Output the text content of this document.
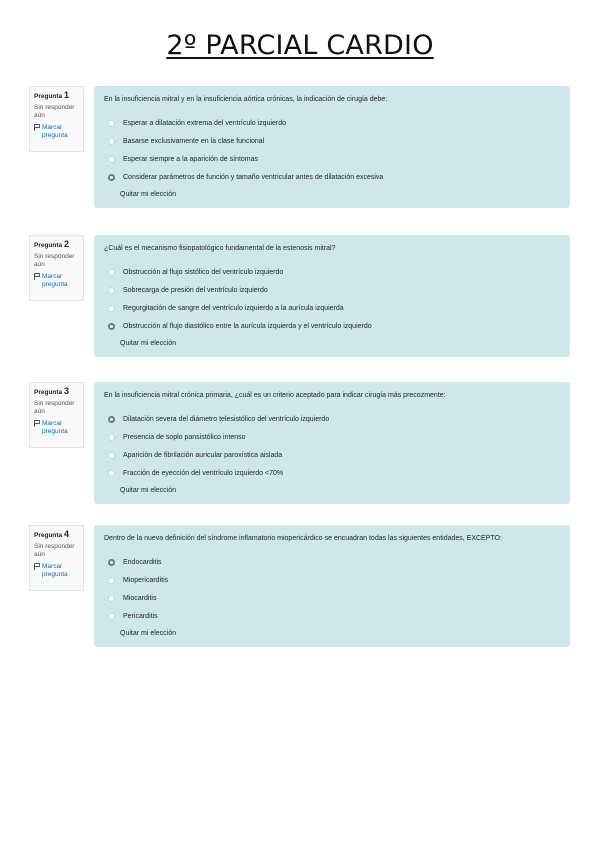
2º PARCIAL CARDIO
Pregunta 1
Sin responder aún
Marcar pregunta
En la insuficiencia mitral y en la insuficiencia aórtica crónicas, la indicación de cirugía debe:
Esperar a dilatación extrema del ventrículo izquierdo
Basarse exclusivamente en la clase funcional
Esperar siempre a la aparición de síntomas
Considerar parámetros de función y tamaño ventricular antes de dilatación excesiva
Quitar mi elección
Pregunta 2
Sin responder aún
Marcar pregunta
¿Cuál es el mecanismo fisiopatológico fundamental de la estenosis mitral?
Obstrucción al flujo sistólico del ventrículo izquierdo
Sobrecarga de presión del ventrículo izquierdo
Regurgitación de sangre del ventrículo izquierdo a la aurícula izquierda
Obstrucción al flujo diastólico entre la aurícula izquierda y el ventrículo izquierdo
Quitar mi elección
Pregunta 3
Sin responder aún
Marcar pregunta
En la insuficiencia mitral crónica primaria, ¿cuál es un criterio aceptado para indicar cirugía más precozmente:
Dilatación severa del diámetro telesistólico del ventrículo izquierdo
Presencia de soplo pansistólico intenso
Aparición de fibrilación auricular paroxística aislada
Fracción de eyección del ventrículo izquierdo <70%
Quitar mi elección
Pregunta 4
Sin responder aún
Marcar pregunta
Dentro de la nueva definición del síndrome inflamatorio miopericárdico se encuadran todas las siguientes entidades, EXCEPTO:
Endocarditis
Miopericarditis
Miocarditis
Pericarditis
Quitar mi elección
